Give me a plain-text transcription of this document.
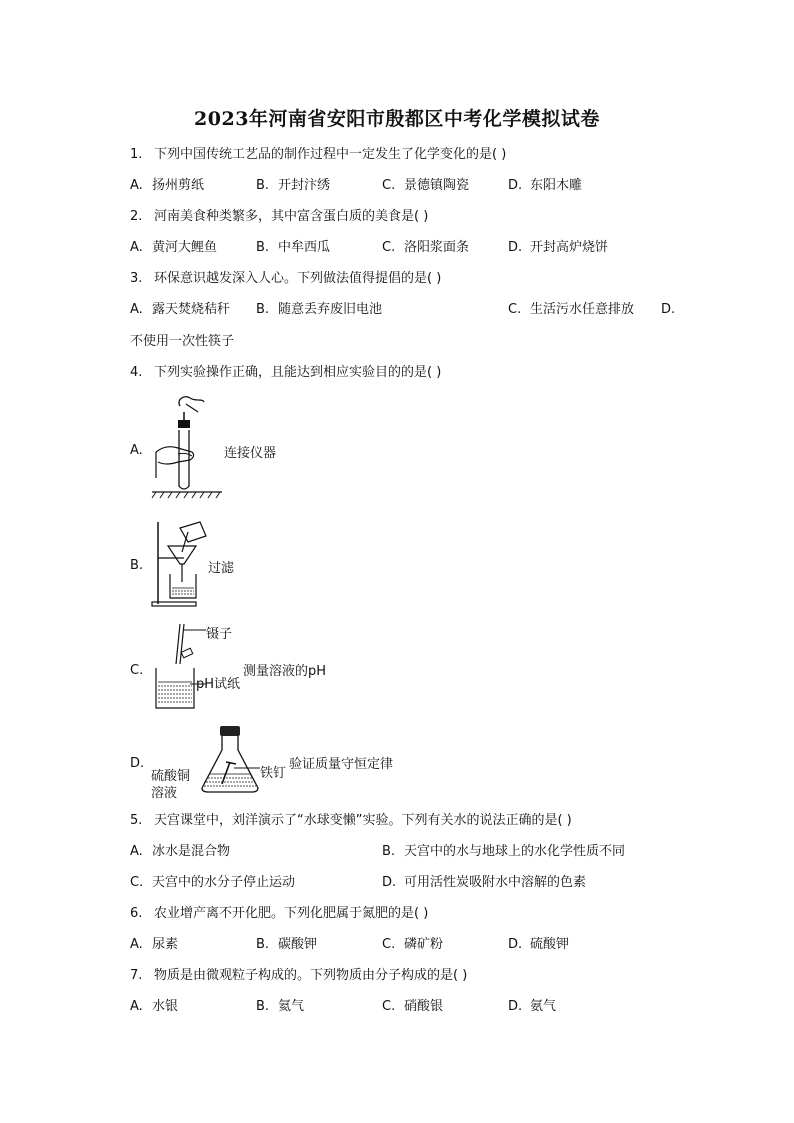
2023年河南省安阳市殷都区中考化学模拟试卷
1. 下列中国传统工艺品的制作过程中一定发生了化学变化的是( )
A. 扬州剪纸	B. 开封汴绣	C. 景德镇陶瓷	D. 东阳木雕
2. 河南美食种类繁多，其中富含蛋白质的美食是( )
A. 黄河大鲤鱼	B. 中牟西瓜	C. 洛阳浆面条	D. 开封高炉烧饼
3. 环保意识越发深入人心。下列做法值得提倡的是( )
A. 露天焚烧秸秆 B. 随意丢弃废旧电池	C. 生活污水任意排放 D.
不使用一次性筷子
4. 下列实验操作正确，且能达到相应实验目的的是( )
A.	连接仪器
B.	过滤
C.
镊子
pH试纸
测量溶液的pH
D.
硫酸铜
溶液
铁钉
验证质量守恒定律
5. 天宫课堂中，刘洋演示了“水球变懒”实验。下列有关水的说法正确的是( )
A. 冰水是混合物	B. 天宫中的水与地球上的水化学性质不同
C. 天宫中的水分子停止运动	D. 可用活性炭吸附水中溶解的色素
6. 农业增产离不开化肥。下列化肥属于氮肥的是( )
A. 尿素	B. 碳酸钾	C. 磷矿粉	D. 硫酸钾
7. 物质是由微观粒子构成的。下列物质由分子构成的是( )
A. 水银	B. 氦气	C. 硝酸银	D. 氨气
